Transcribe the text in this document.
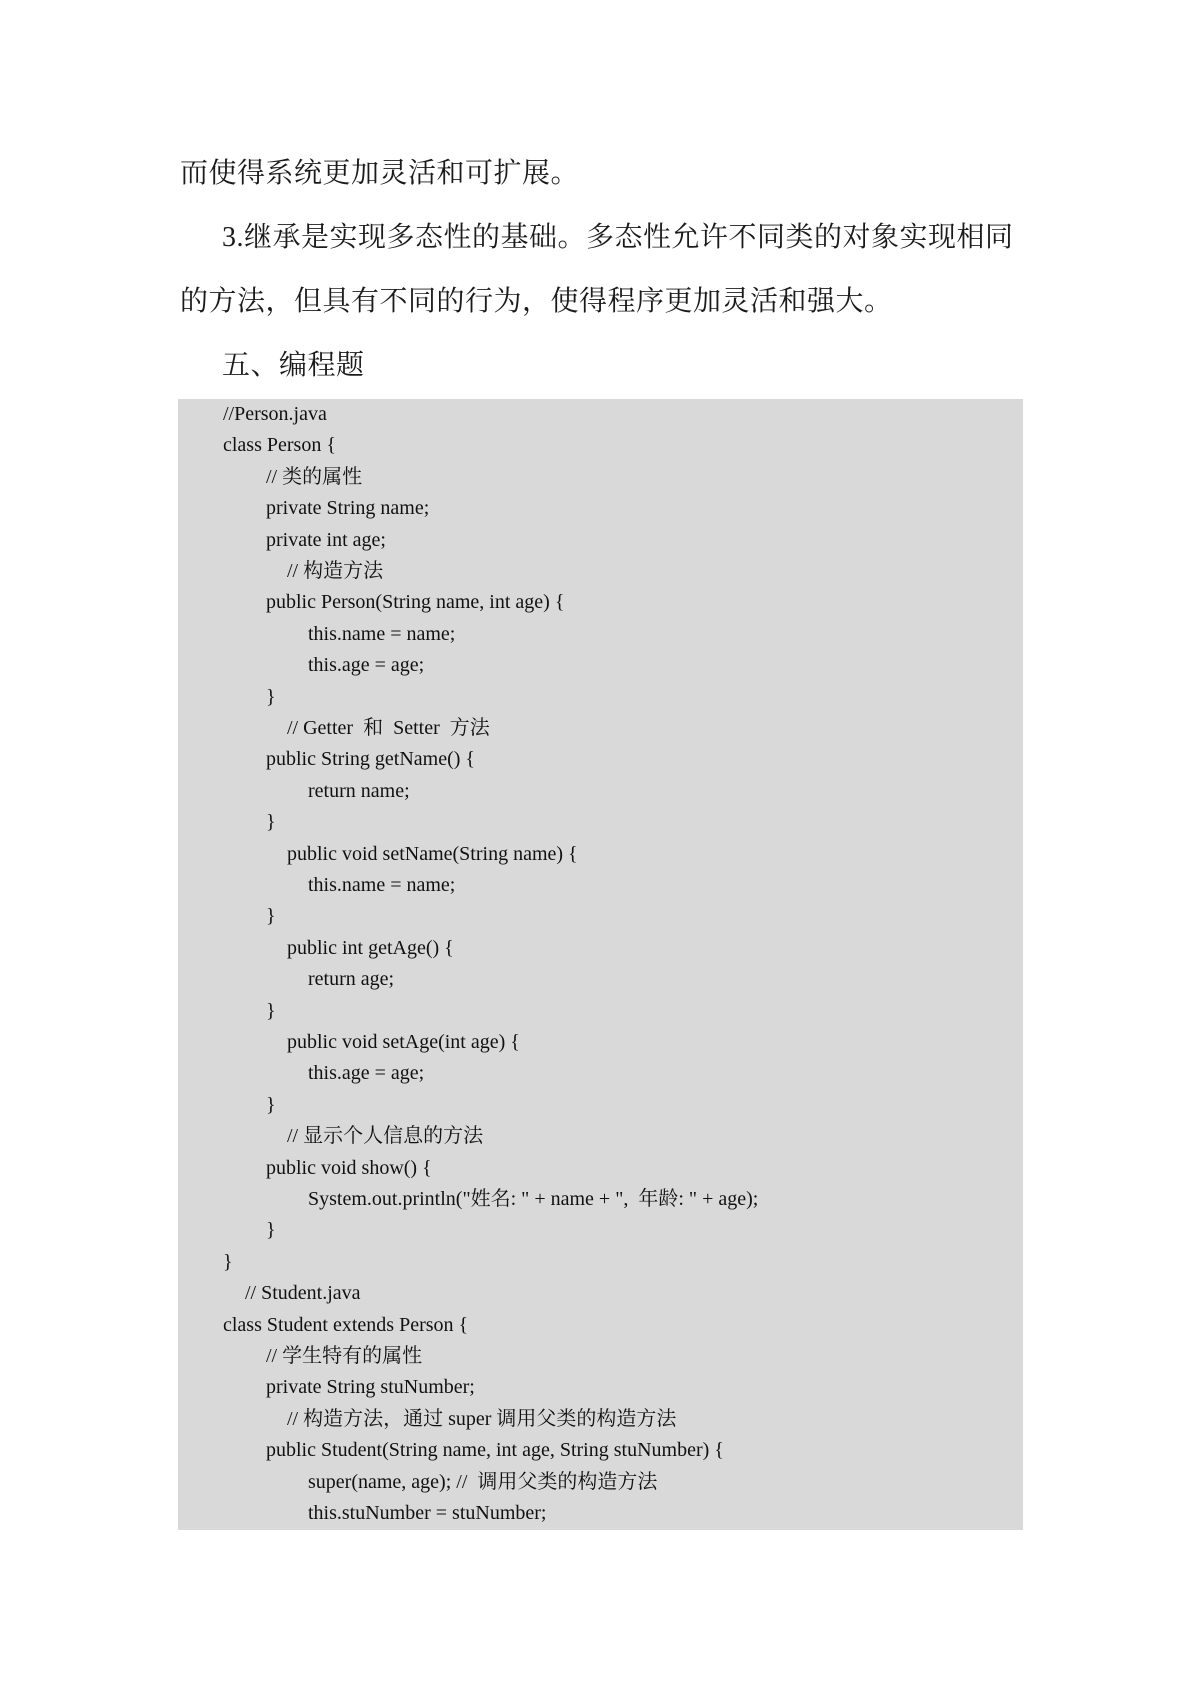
而使得系统更加灵活和可扩展。
3.继承是实现多态性的基础。多态性允许不同类的对象实现相同
的方法，但具有不同的行为，使得程序更加灵活和强大。
五、编程题
//Person.java
class Person {
// 类的属性
private String name;
private int age;
// 构造方法
public Person(String name, int age) {
this.name = name;
this.age = age;
}
// Getter  和  Setter  方法
public String getName() {
return name;
}
public void setName(String name) {
this.name = name;
}
public int getAge() {
return age;
}
public void setAge(int age) {
this.age = age;
}
// 显示个人信息的方法
public void show() {
System.out.println("姓名: " + name + ",  年龄: " + age);
}
}
// Student.java
class Student extends Person {
// 学生特有的属性
private String stuNumber;
// 构造方法，通过 super 调用父类的构造方法
public Student(String name, int age, String stuNumber) {
super(name, age); //  调用父类的构造方法
this.stuNumber = stuNumber;
